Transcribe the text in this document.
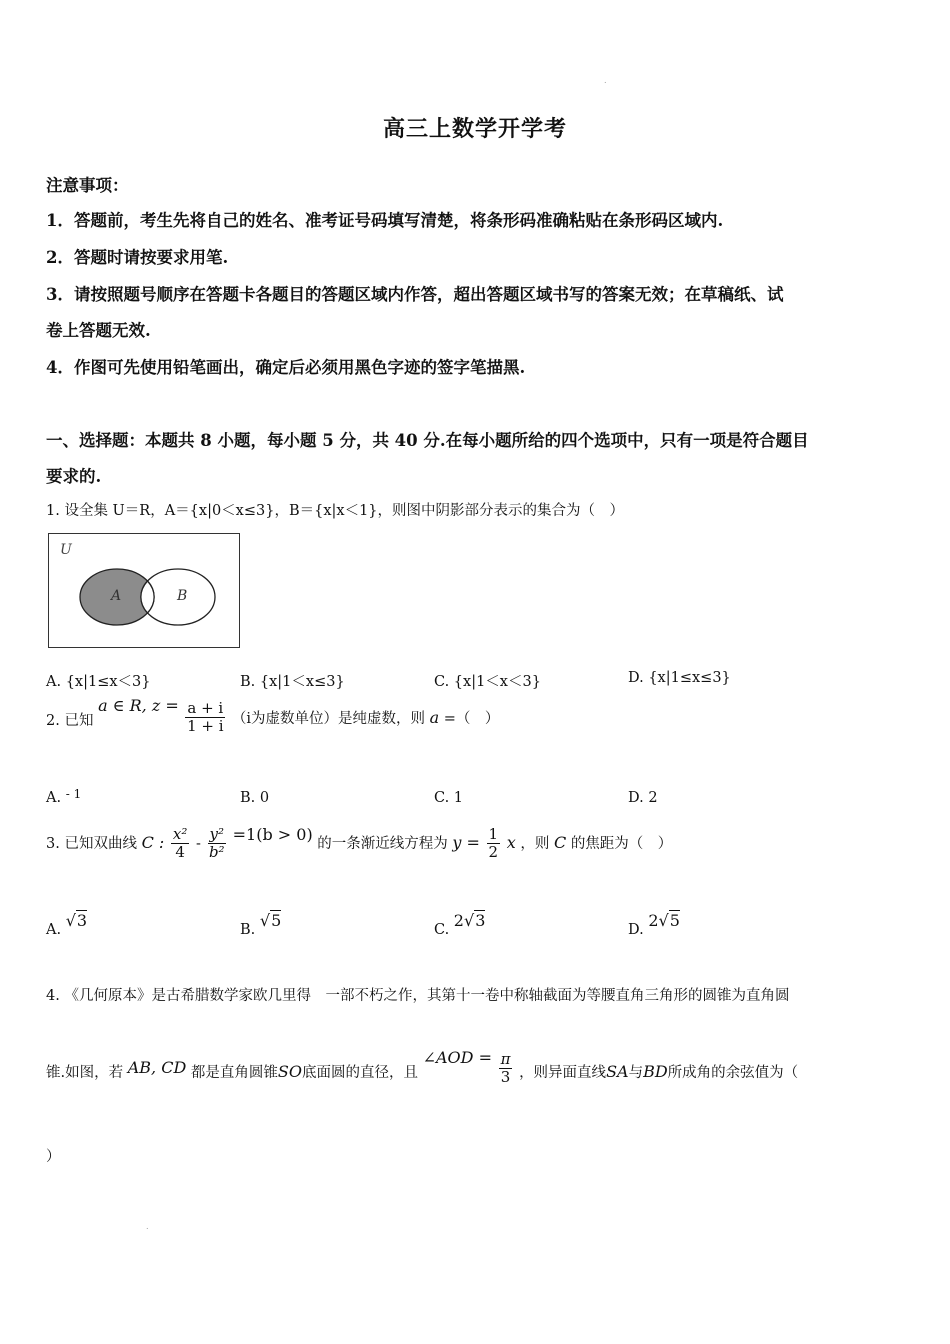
.
高三上数学开学考
注意事项：
1．答题前，考生先将自己的姓名、准考证号码填写清楚，将条形码准确粘贴在条形码区域内.
2．答题时请按要求用笔.
3．请按照题号顺序在答题卡各题目的答题区域内作答，超出答题区域书写的答案无效；在草稿纸、试
卷上答题无效.
4．作图可先使用铅笔画出，确定后必须用黑色字迹的签字笔描黑.
一、选择题：本题共 8 小题，每小题 5 分，共 40 分.在每小题所给的四个选项中，只有一项是符合题目
要求的.
1. 设全集 U＝R，A＝{x|0＜x≤3}，B＝{x|x＜1}，则图中阴影部分表示的集合为（　）
U
A	B
A. {x|1≤x＜3}	B. {x|1＜x≤3}	C. {x|1＜x＜3}	D. {x|1≤x≤3}
2. 已知 a ∈ R, $z = \frac{a + i}{1 + i} (i$为虚数单位）是纯虚数，则 a =（　）
A. $^{- 1}$	B. 0	C. 1	D. 2
3. 已知双曲线 C : $\frac{\text{x²}}{4} - \frac{\text{y²}}{\text{b²}} =1(b > 0)$ 的一条渐近线方程为 $y = \frac{1}{2}$ x ，则 C 的焦距为（　）
A. √3	B. √5	C. 2√3	D. 2√5
4. 《几何原本》是古希腊数学家欧几里得　一部不朽之作，其第十一卷中称轴截面为等腰直角三角形的圆锥为直角圆
锥.如图，若 AB, CD 都是直角圆锥SO底面圆的直径，且 ∠AOD = $\frac{\pi}{3}$ ，则异面直线SA与BD所成角的余弦值为（
）
.
